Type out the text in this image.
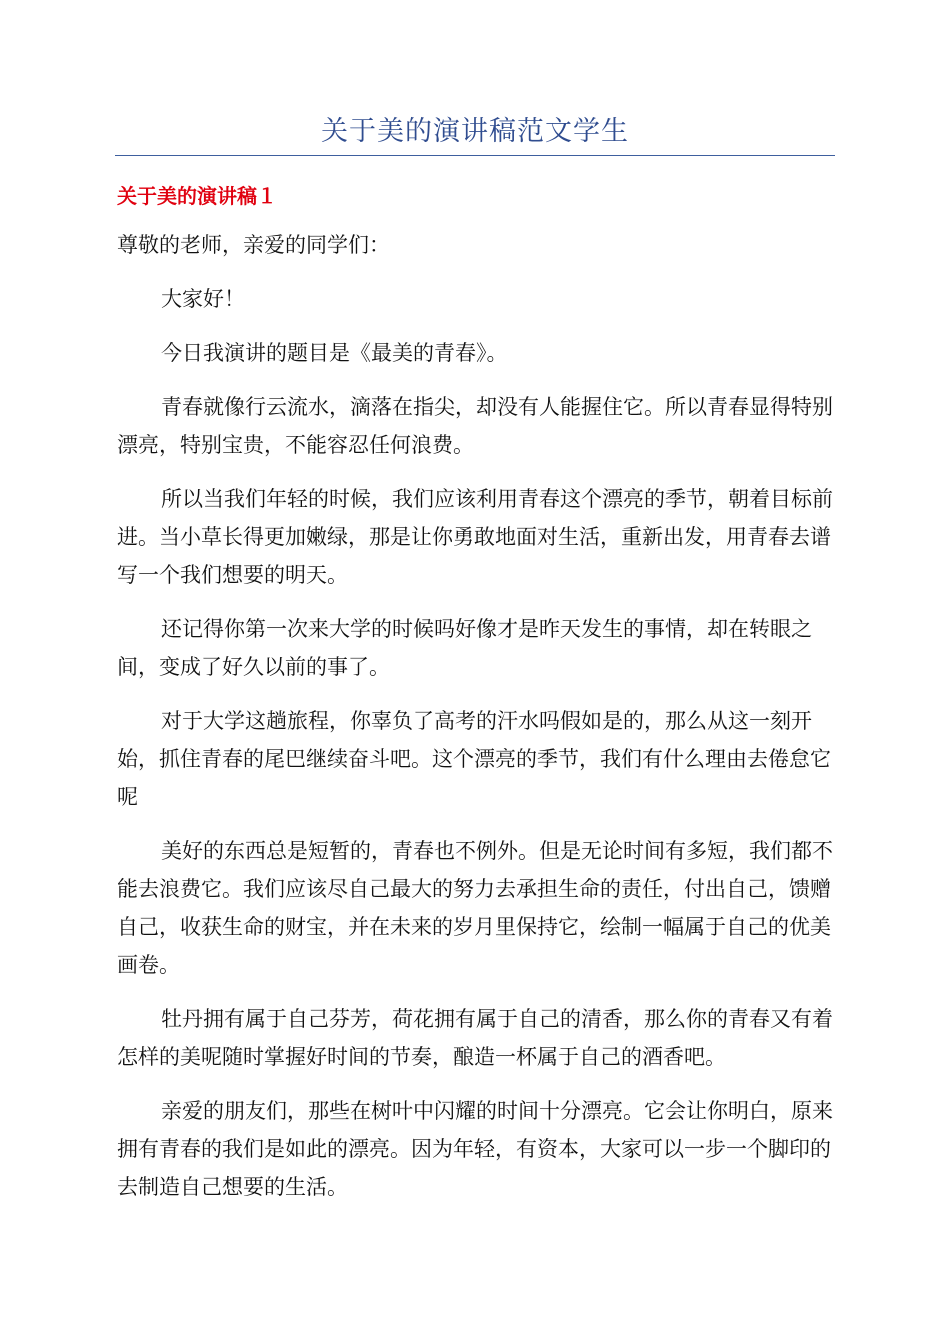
关于美的演讲稿范文学生
关于美的演讲稿１

尊敬的老师，亲爱的同学们：

大家好！

今日我演讲的题目是《最美的青春》。

青春就像行云流水，滴落在指尖，却没有人能握住它。所以青春显得特别漂亮，特别宝贵，不能容忍任何浪费。

所以当我们年轻的时候，我们应该利用青春这个漂亮的季节，朝着目标前进。当小草长得更加嫩绿，那是让你勇敢地面对生活，重新出发，用青春去谱写一个我们想要的明天。

还记得你第一次来大学的时候吗好像才是昨天发生的事情，却在转眼之间，变成了好久以前的事了。

对于大学这趟旅程，你辜负了高考的汗水吗假如是的，那么从这一刻开始，抓住青春的尾巴继续奋斗吧。这个漂亮的季节，我们有什么理由去倦怠它呢

美好的东西总是短暂的，青春也不例外。但是无论时间有多短，我们都不能去浪费它。我们应该尽自己最大的努力去承担生命的责任，付出自己，馈赠自己，收获生命的财宝，并在未来的岁月里保持它，绘制一幅属于自己的优美画卷。

牡丹拥有属于自己芬芳，荷花拥有属于自己的清香，那么你的青春又有着怎样的美呢随时掌握好时间的节奏，酿造一杯属于自己的酒香吧。

亲爱的朋友们，那些在树叶中闪耀的时间十分漂亮。它会让你明白，原来拥有青春的我们是如此的漂亮。因为年轻，有资本，大家可以一步一个脚印的去制造自己想要的生活。
